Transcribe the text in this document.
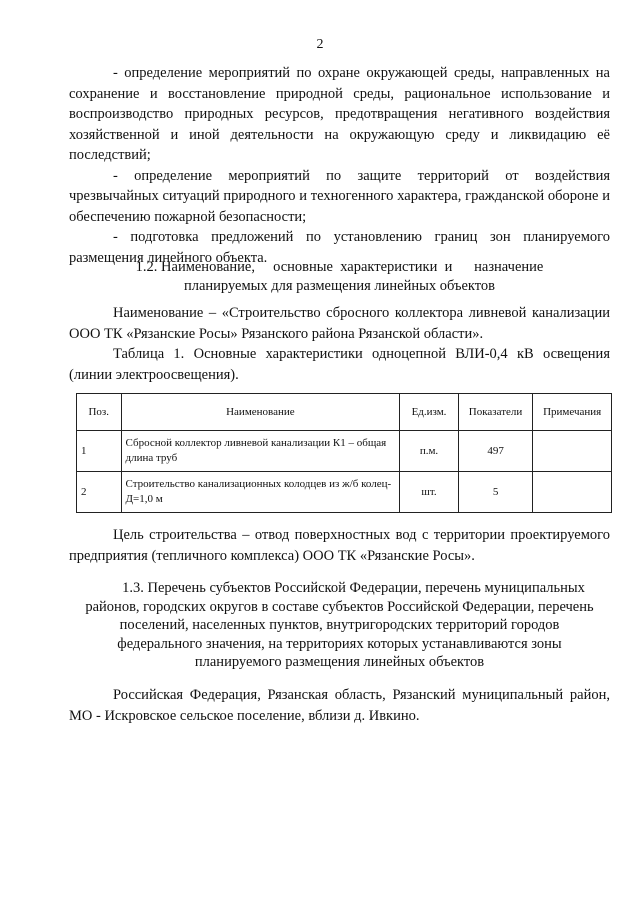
2

- определение мероприятий по охране окружающей среды, направленных на сохранение и восстановление природной среды, рациональное использование и воспроизводство природных ресурсов, предотвращения негативного воздействия хозяйственной и иной деятельности на окружающую среду и ликвидацию её последствий;

- определение мероприятий по защите территорий от воздействия чрезвычайных ситуаций природного и техногенного характера, гражданской обороне и обеспечению пожарной безопасности;

- подготовка предложений по установлению границ зон планируемого размещения линейного объекта.

1.2. Наименование,     основные  характеристики  и      назначение

планируемых для размещения линейных объектов

Наименование – «Строительство сбросного коллектора ливневой канализации ООО ТК «Рязанские Росы» Рязанского района Рязанской области».

Таблица 1. Основные характеристики одноцепной ВЛИ-0,4 кВ освещения (линии электроосвещения).

Поз.	Наименование	Ед.изм.	Показатели	Примечания
1	Сбросной коллектор ливневой канализации К1 – общая длина труб	п.м.	497	
2	Строительство канализационных колодцев из ж/б колец- Д=1,0 м	шт.	5	

Цель строительства – отвод поверхностных вод с территории проектируемого предприятия (тепличного комплекса) ООО ТК «Рязанские Росы».

1.3. Перечень субъектов Российской Федерации, перечень муниципальных

районов, городских округов в составе субъектов Российской Федерации, перечень

поселений, населенных пунктов, внутригородских территорий городов

федерального значения, на территориях которых устанавливаются зоны

планируемого размещения линейных объектов

Российская Федерация, Рязанская область, Рязанский муниципальный район, МО - Искровское сельское поселение, вблизи д. Ивкино.
